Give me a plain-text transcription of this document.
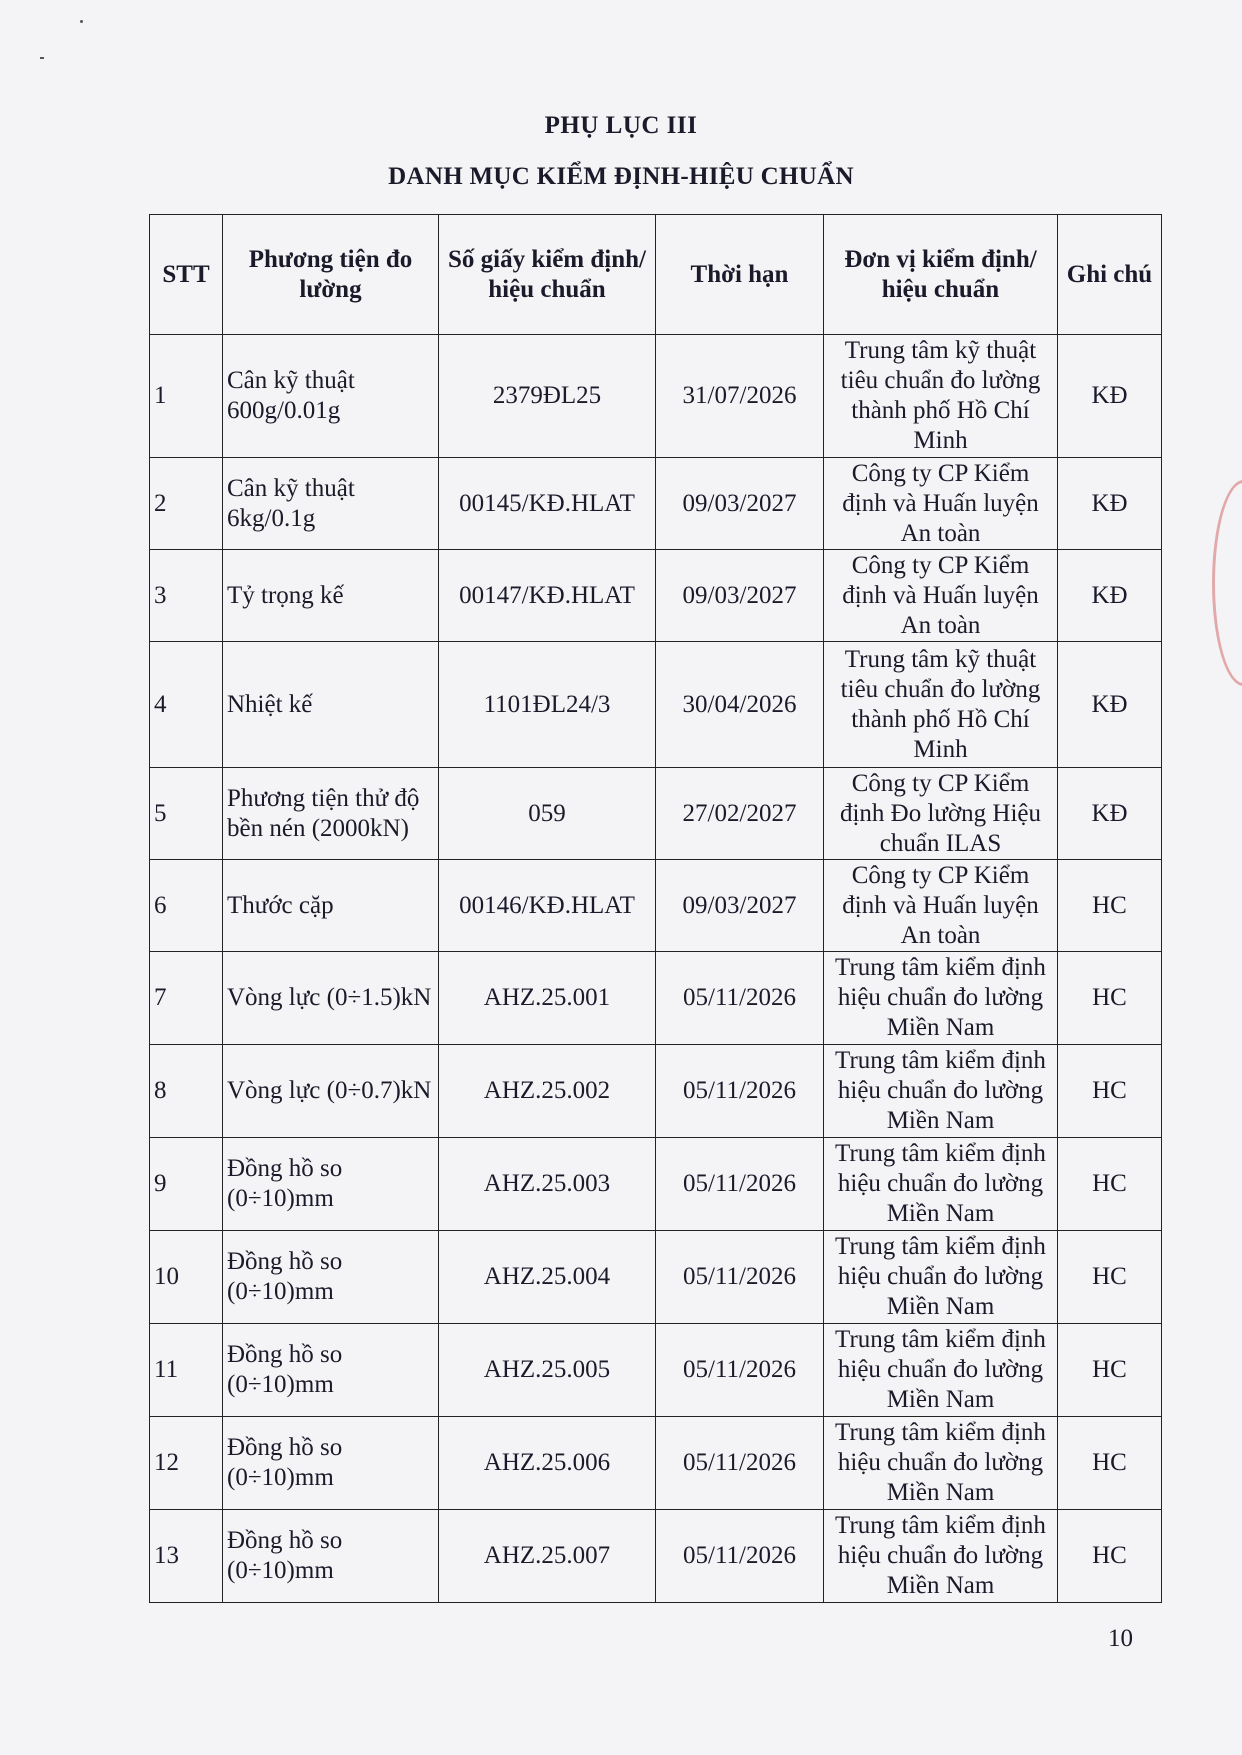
PHỤ LỤC III
DANH MỤC KIỂM ĐỊNH-HIỆU CHUẨN
STT	Phương tiện đo lường	Số giấy kiểm định/ hiệu chuẩn	Thời hạn	Đơn vị kiểm định/ hiệu chuẩn	Ghi chú
1	Cân kỹ thuật 600g/0.01g	2379ĐL25	31/07/2026	Trung tâm kỹ thuật tiêu chuẩn đo lường thành phố Hồ Chí Minh	KĐ
2	Cân kỹ thuật 6kg/0.1g	00145/KĐ.HLAT	09/03/2027	Công ty CP Kiểm định và Huấn luyện An toàn	KĐ
3	Tỷ trọng kế	00147/KĐ.HLAT	09/03/2027	Công ty CP Kiểm định và Huấn luyện An toàn	KĐ
4	Nhiệt kế	1101ĐL24/3	30/04/2026	Trung tâm kỹ thuật tiêu chuẩn đo lường thành phố Hồ Chí Minh	KĐ
5	Phương tiện thử độ bền nén (2000kN)	059	27/02/2027	Công ty CP Kiểm định Đo lường Hiệu chuẩn ILAS	KĐ
6	Thước cặp	00146/KĐ.HLAT	09/03/2027	Công ty CP Kiểm định và Huấn luyện An toàn	HC
7	Vòng lực (0÷1.5)kN	AHZ.25.001	05/11/2026	Trung tâm kiểm định hiệu chuẩn đo lường Miền Nam	HC
8	Vòng lực (0÷0.7)kN	AHZ.25.002	05/11/2026	Trung tâm kiểm định hiệu chuẩn đo lường Miền Nam	HC
9	Đồng hồ so (0÷10)mm	AHZ.25.003	05/11/2026	Trung tâm kiểm định hiệu chuẩn đo lường Miền Nam	HC
10	Đồng hồ so (0÷10)mm	AHZ.25.004	05/11/2026	Trung tâm kiểm định hiệu chuẩn đo lường Miền Nam	HC
11	Đồng hồ so (0÷10)mm	AHZ.25.005	05/11/2026	Trung tâm kiểm định hiệu chuẩn đo lường Miền Nam	HC
12	Đồng hồ so (0÷10)mm	AHZ.25.006	05/11/2026	Trung tâm kiểm định hiệu chuẩn đo lường Miền Nam	HC
13	Đồng hồ so (0÷10)mm	AHZ.25.007	05/11/2026	Trung tâm kiểm định hiệu chuẩn đo lường Miền Nam	HC
10
